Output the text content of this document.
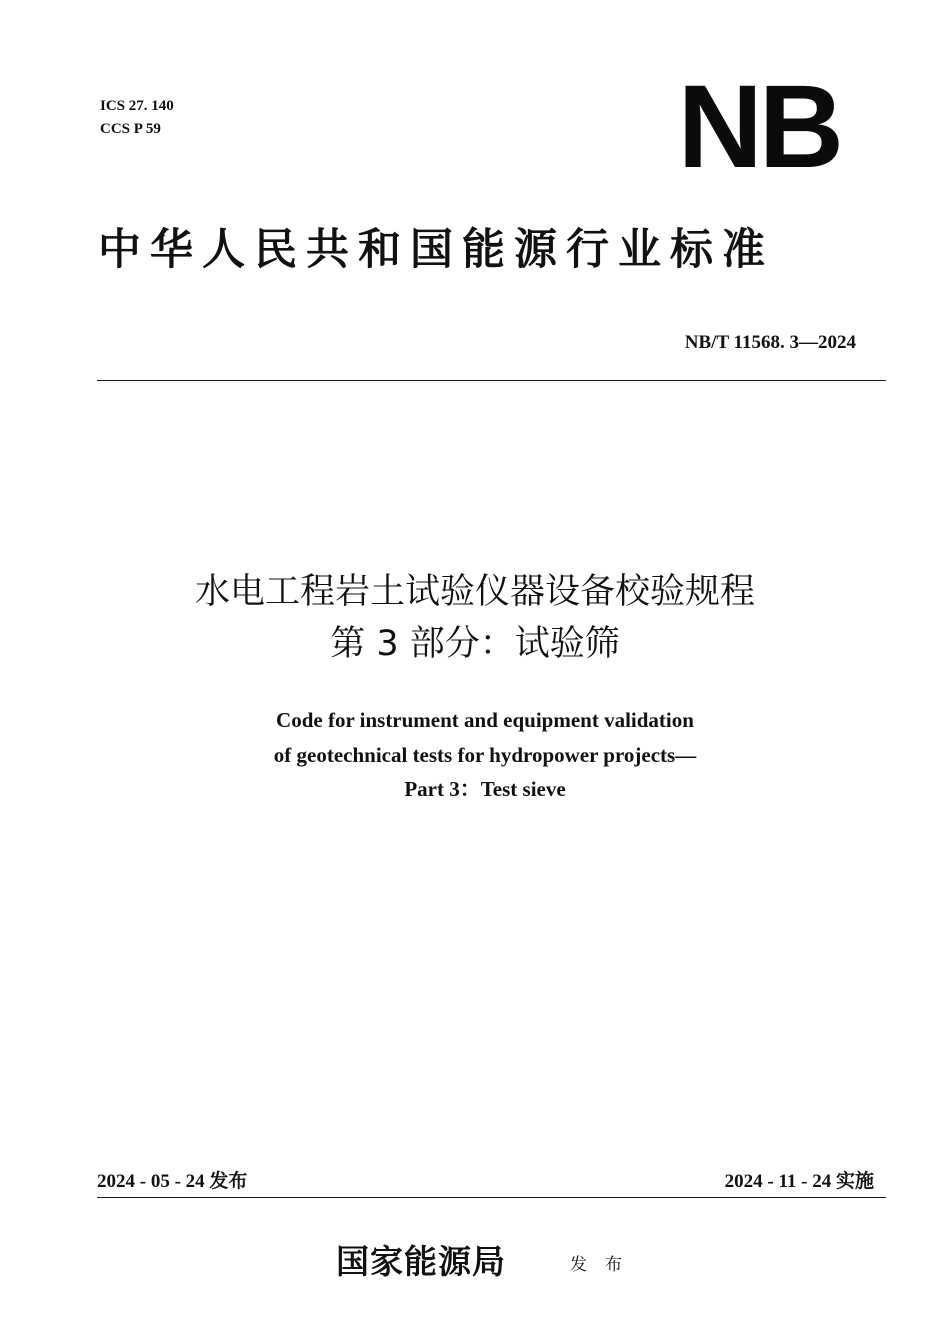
ICS 27. 140
CCS P 59	NB
中华人民共和国能源行业标准
NB/T 11568. 3—2024
水电工程岩土试验仪器设备校验规程
第 3 部分：试验筛
Code for instrument and equipment validation
of geotechnical tests for hydropower projects—
Part 3：Test sieve
2024 - 05 - 24 发布	2024 - 11 - 24 实施
国家能源局	发布
